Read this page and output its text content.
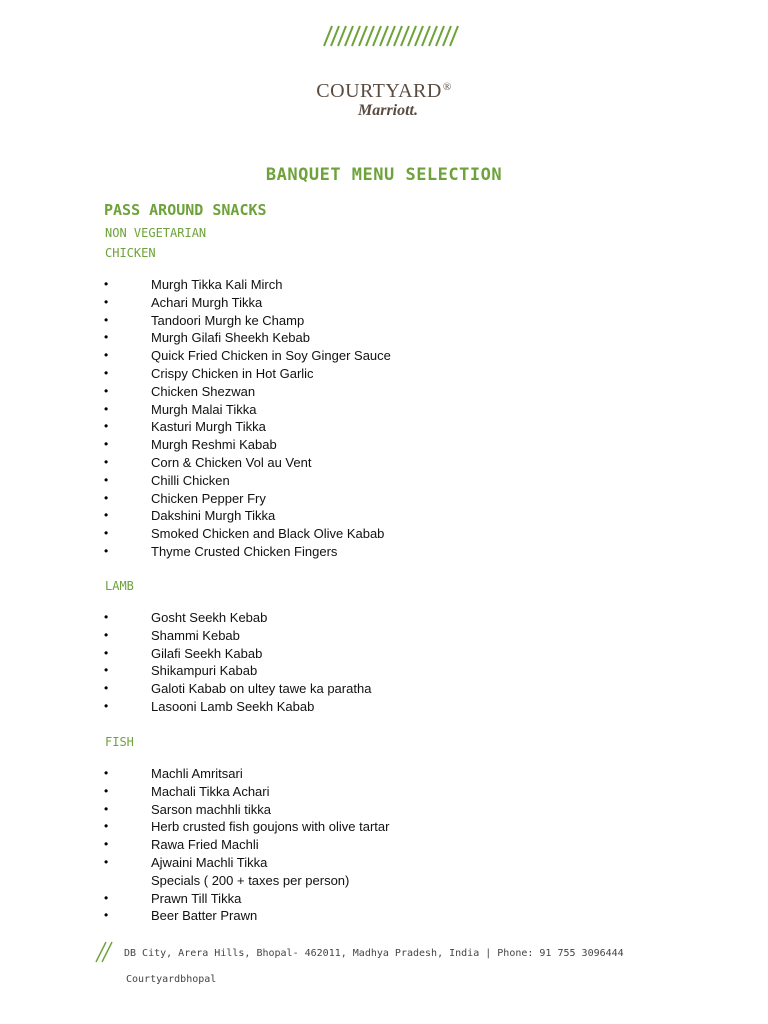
COURTYARD®
Marriott.
BANQUET MENU SELECTION
PASS AROUND SNACKS
NON VEGETARIAN
CHICKEN
•	Murgh Tikka Kali Mirch
•	Achari Murgh Tikka
•	Tandoori Murgh ke Champ
•	Murgh Gilafi Sheekh Kebab
•	Quick Fried Chicken in Soy Ginger Sauce
•	Crispy Chicken in Hot Garlic
•	Chicken Shezwan
•	Murgh Malai Tikka
•	Kasturi Murgh Tikka
•	Murgh Reshmi Kabab
•	Corn & Chicken Vol au Vent
•	Chilli Chicken
•	Chicken Pepper Fry
•	Dakshini Murgh Tikka
•	Smoked Chicken and Black Olive Kabab
•	Thyme Crusted Chicken Fingers
LAMB
•	Gosht Seekh Kebab
•	Shammi Kebab
•	Gilafi Seekh Kabab
•	Shikampuri Kabab
•	Galoti Kabab on ultey tawe ka paratha
•	Lasooni Lamb Seekh Kabab
FISH
•	Machli Amritsari
•	Machali Tikka Achari
•	Sarson machhli tikka
•	Herb crusted fish goujons with olive tartar
•	Rawa Fried Machli
•	Ajwaini Machli Tikka
Specials ( 200 + taxes per person)
•	Prawn Till Tikka
•	Beer Batter Prawn
DB City, Arera Hills, Bhopal- 462011, Madhya Pradesh, India | Phone: 91 755 3096444
Courtyardbhopal
